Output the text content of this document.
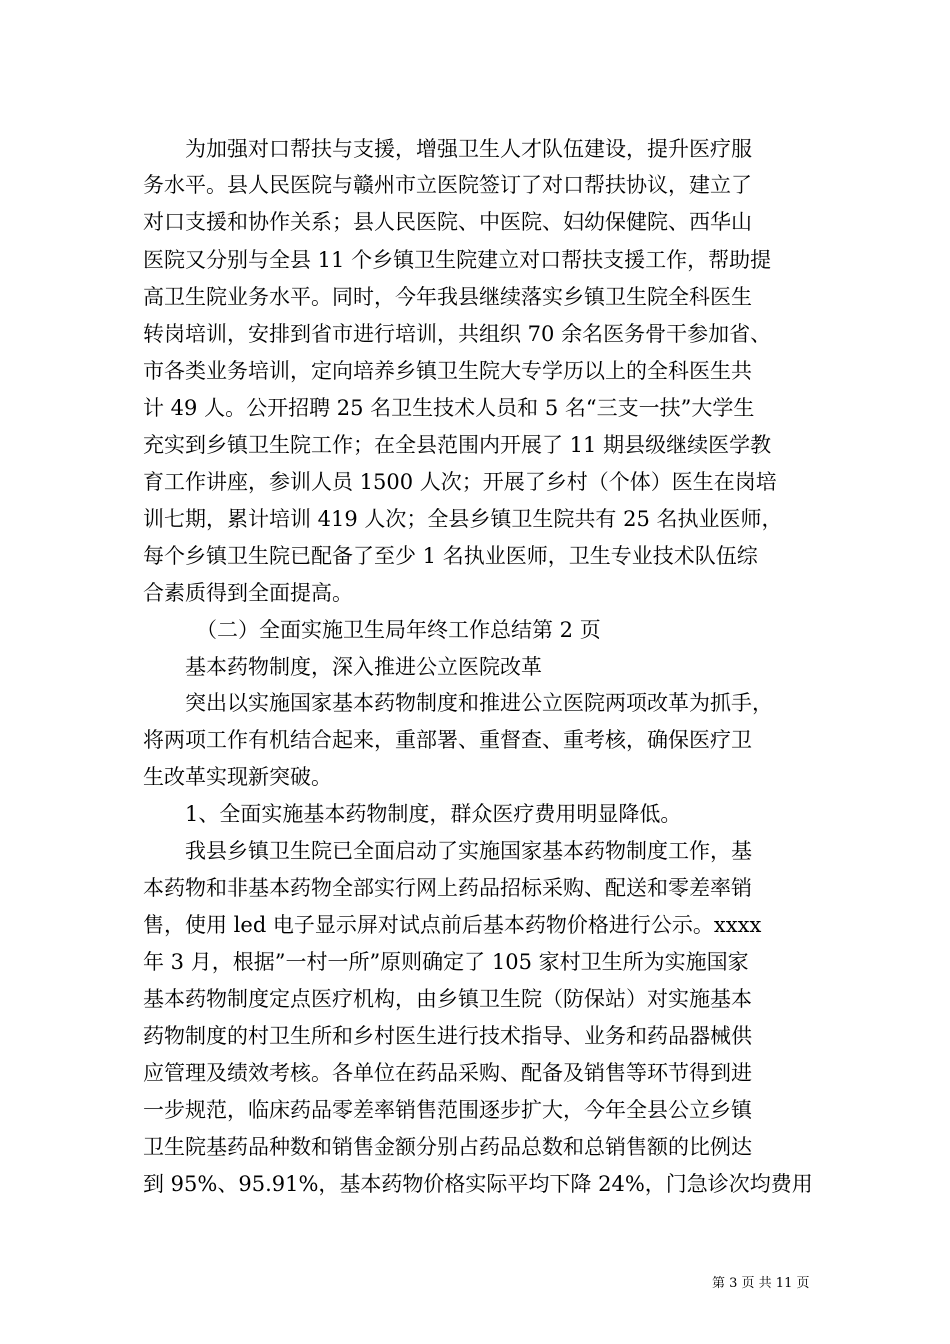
为加强对口帮扶与支援，增强卫生人才队伍建设，提升医疗服
务水平。县人民医院与赣州市立医院签订了对口帮扶协议，建立了
对口支援和协作关系；县人民医院、中医院、妇幼保健院、西华山
医院又分别与全县 11 个乡镇卫生院建立对口帮扶支援工作，帮助提
高卫生院业务水平。同时，今年我县继续落实乡镇卫生院全科医生
转岗培训，安排到省市进行培训，共组织 70 余名医务骨干参加省、
市各类业务培训，定向培养乡镇卫生院大专学历以上的全科医生共
计 49 人。公开招聘 25 名卫生技术人员和 5 名“三支一扶”大学生
充实到乡镇卫生院工作；在全县范围内开展了 11 期县级继续医学教
育工作讲座，参训人员 1500 人次；开展了乡村（个体）医生在岗培
训七期，累计培训 419 人次；全县乡镇卫生院共有 25 名执业医师，
每个乡镇卫生院已配备了至少 1 名执业医师，卫生专业技术队伍综
合素质得到全面提高。
（二）全面实施卫生局年终工作总结第 2 页
基本药物制度，深入推进公立医院改革
突出以实施国家基本药物制度和推进公立医院两项改革为抓手，
将两项工作有机结合起来，重部署、重督查、重考核，确保医疗卫
生改革实现新突破。
1、全面实施基本药物制度，群众医疗费用明显降低。
我县乡镇卫生院已全面启动了实施国家基本药物制度工作，基
本药物和非基本药物全部实行网上药品招标采购、配送和零差率销
售，使用 led 电子显示屏对试点前后基本药物价格进行公示。xxxx
年 3 月，根据”一村一所”原则确定了 105 家村卫生所为实施国家
基本药物制度定点医疗机构，由乡镇卫生院（防保站）对实施基本
药物制度的村卫生所和乡村医生进行技术指导、业务和药品器械供
应管理及绩效考核。各单位在药品采购、配备及销售等环节得到进
一步规范，临床药品零差率销售范围逐步扩大，今年全县公立乡镇
卫生院基药品种数和销售金额分别占药品总数和总销售额的比例达
到 95%、95.91%，基本药物价格实际平均下降 24%，门急诊次均费用
第 3 页 共 11 页
